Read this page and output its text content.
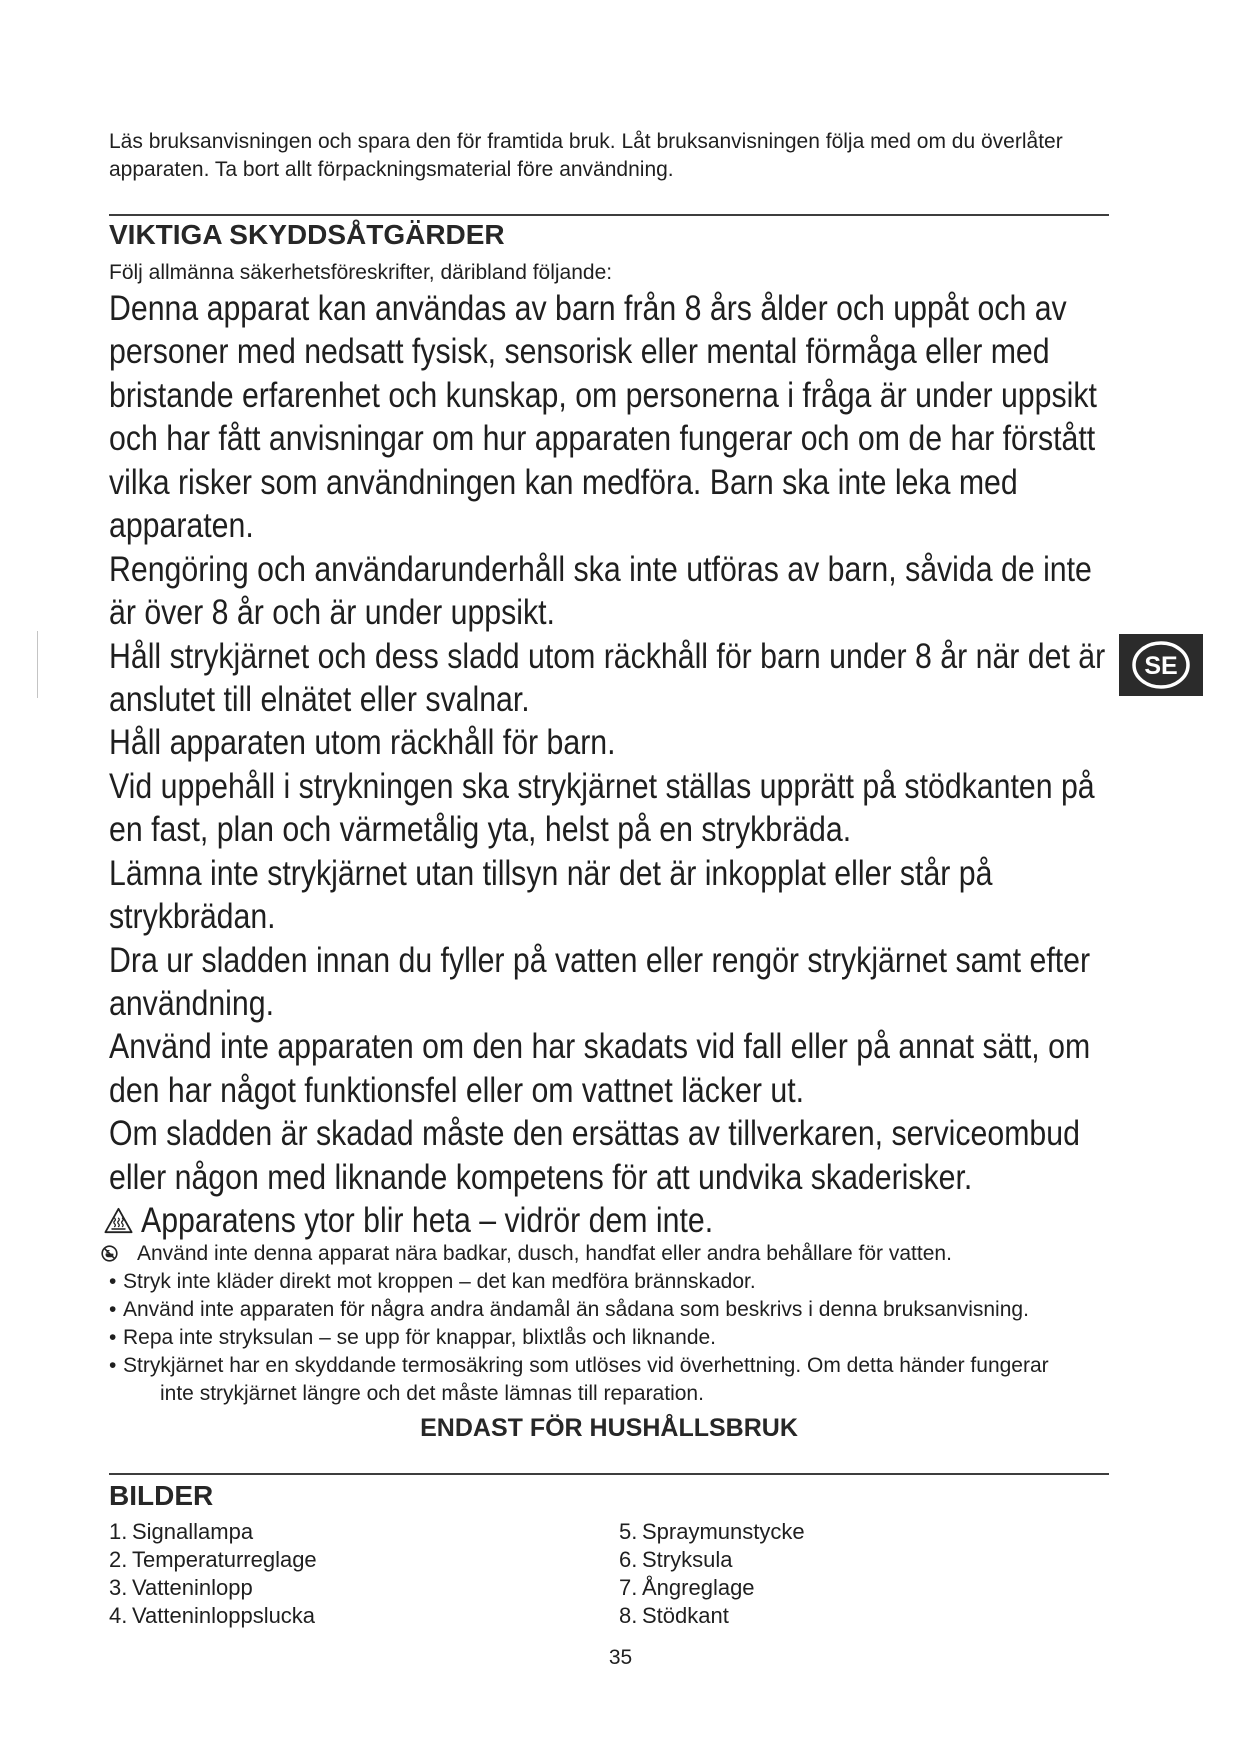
Läs bruksanvisningen och spara den för framtida bruk. Låt bruksanvisningen följa med om du överlåter
apparaten. Ta bort allt förpackningsmaterial före användning.
VIKTIGA SKYDDSÅTGÄRDER
Följ allmänna säkerhetsföreskrifter, däribland följande:
Denna apparat kan användas av barn från 8 års ålder och uppåt och av
personer med nedsatt fysisk, sensorisk eller mental förmåga eller med
bristande erfarenhet och kunskap, om personerna i fråga är under uppsikt
och har fått anvisningar om hur apparaten fungerar och om de har förstått
vilka risker som användningen kan medföra. Barn ska inte leka med
apparaten.
Rengöring och användarunderhåll ska inte utföras av barn, såvida de inte
är över 8 år och är under uppsikt.
Håll strykjärnet och dess sladd utom räckhåll för barn under 8 år när det är
anslutet till elnätet eller svalnar.
Håll apparaten utom räckhåll för barn.
Vid uppehåll i strykningen ska strykjärnet ställas upprätt på stödkanten på
en fast, plan och värmetålig yta, helst på en strykbräda.
Lämna inte strykjärnet utan tillsyn när det är inkopplat eller står på
strykbrädan.
Dra ur sladden innan du fyller på vatten eller rengör strykjärnet samt efter
användning.
Använd inte apparaten om den har skadats vid fall eller på annat sätt, om
den har något funktionsfel eller om vattnet läcker ut.
Om sladden är skadad måste den ersättas av tillverkaren, serviceombud
eller någon med liknande kompetens för att undvika skaderisker.
Apparatens ytor blir heta – vidrör dem inte.
Använd inte denna apparat nära badkar, dusch, handfat eller andra behållare för vatten.
• Stryk inte kläder direkt mot kroppen – det kan medföra brännskador.
• Använd inte apparaten för några andra ändamål än sådana som beskrivs i denna bruksanvisning.
• Repa inte stryksulan – se upp för knappar, blixtlås och liknande.
• Strykjärnet har en skyddande termosäkring som utlöses vid överhettning. Om detta händer fungerar
inte strykjärnet längre och det måste lämnas till reparation.
ENDAST FÖR HUSHÅLLSBRUK
BILDER
1. Signallampa
2. Temperaturreglage
3. Vatteninlopp
4. Vatteninloppslucka
5. Spraymunstycke
6. Stryksula
7. Ångreglage
8. Stödkant
35
SE
